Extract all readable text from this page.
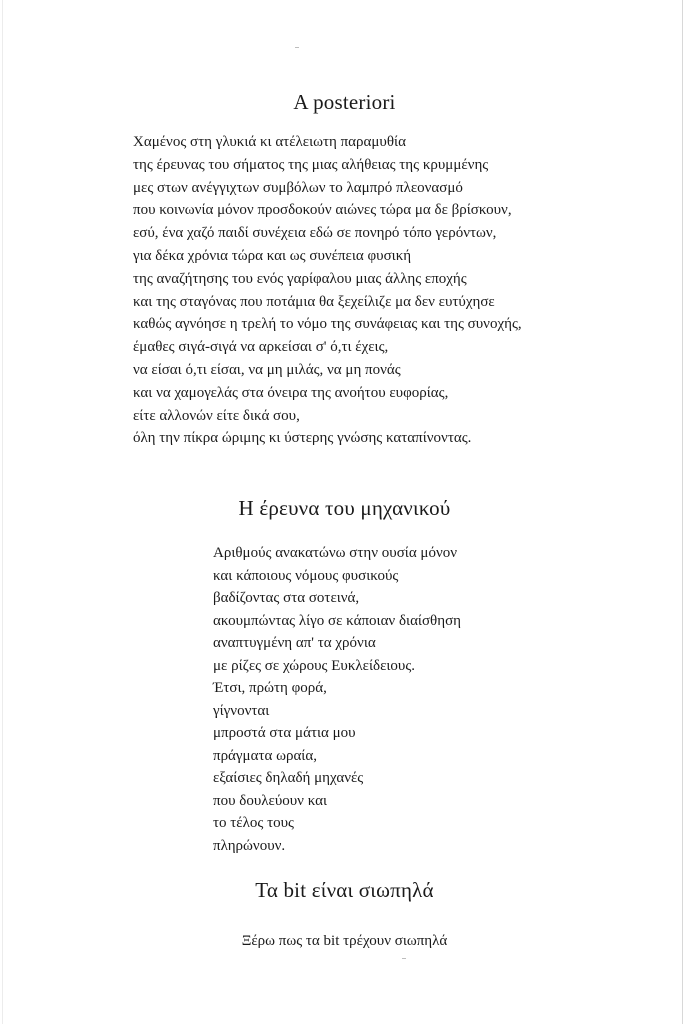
A posteriori
Χαμένος στη γλυκιά κι ατέλειωτη παραμυθία
της έρευνας του σήματος της μιας αλήθειας της κρυμμένης
μες στων ανέγγιχτων συμβόλων το λαμπρό πλεονασμό
που κοινωνία μόνον προσδοκούν αιώνες τώρα μα δε βρίσκουν,
εσύ, ένα χαζό παιδί συνέχεια εδώ σε πονηρό τόπο γερόντων,
για δέκα χρόνια τώρα και ως συνέπεια φυσική
της αναζήτησης του ενός γαρίφαλου μιας άλλης εποχής
και της σταγόνας που ποτάμια θα ξεχείλιζε μα δεν ευτύχησε
καθώς αγνόησε η τρελή το νόμο της συνάφειας και της συνοχής,
έμαθες σιγά-σιγά να αρκείσαι σ' ό,τι έχεις,
να είσαι ό,τι είσαι, να μη μιλάς, να μη πονάς
και να χαμογελάς στα όνειρα της ανοήτου ευφορίας,
είτε αλλονών είτε δικά σου,
όλη την πίκρα ώριμης κι ύστερης γνώσης καταπίνοντας.
Η έρευνα του μηχανικού
Αριθμούς ανακατώνω στην ουσία μόνον
και κάποιους νόμους φυσικούς
βαδίζοντας στα σοτεινά,
ακουμπώντας λίγο σε κάποιαν διαίσθηση
αναπτυγμένη απ' τα χρόνια
με ρίζες σε χώρους Ευκλείδειους.
Έτσι, πρώτη φορά,
γίγνονται
μπροστά στα μάτια μου
πράγματα ωραία,
εξαίσιες δηλαδή μηχανές
που δουλεύουν και
το τέλος τους
πληρώνουν.
Τα bit είναι σιωπηλά
Ξέρω πως τα bit τρέχουν σιωπηλά
